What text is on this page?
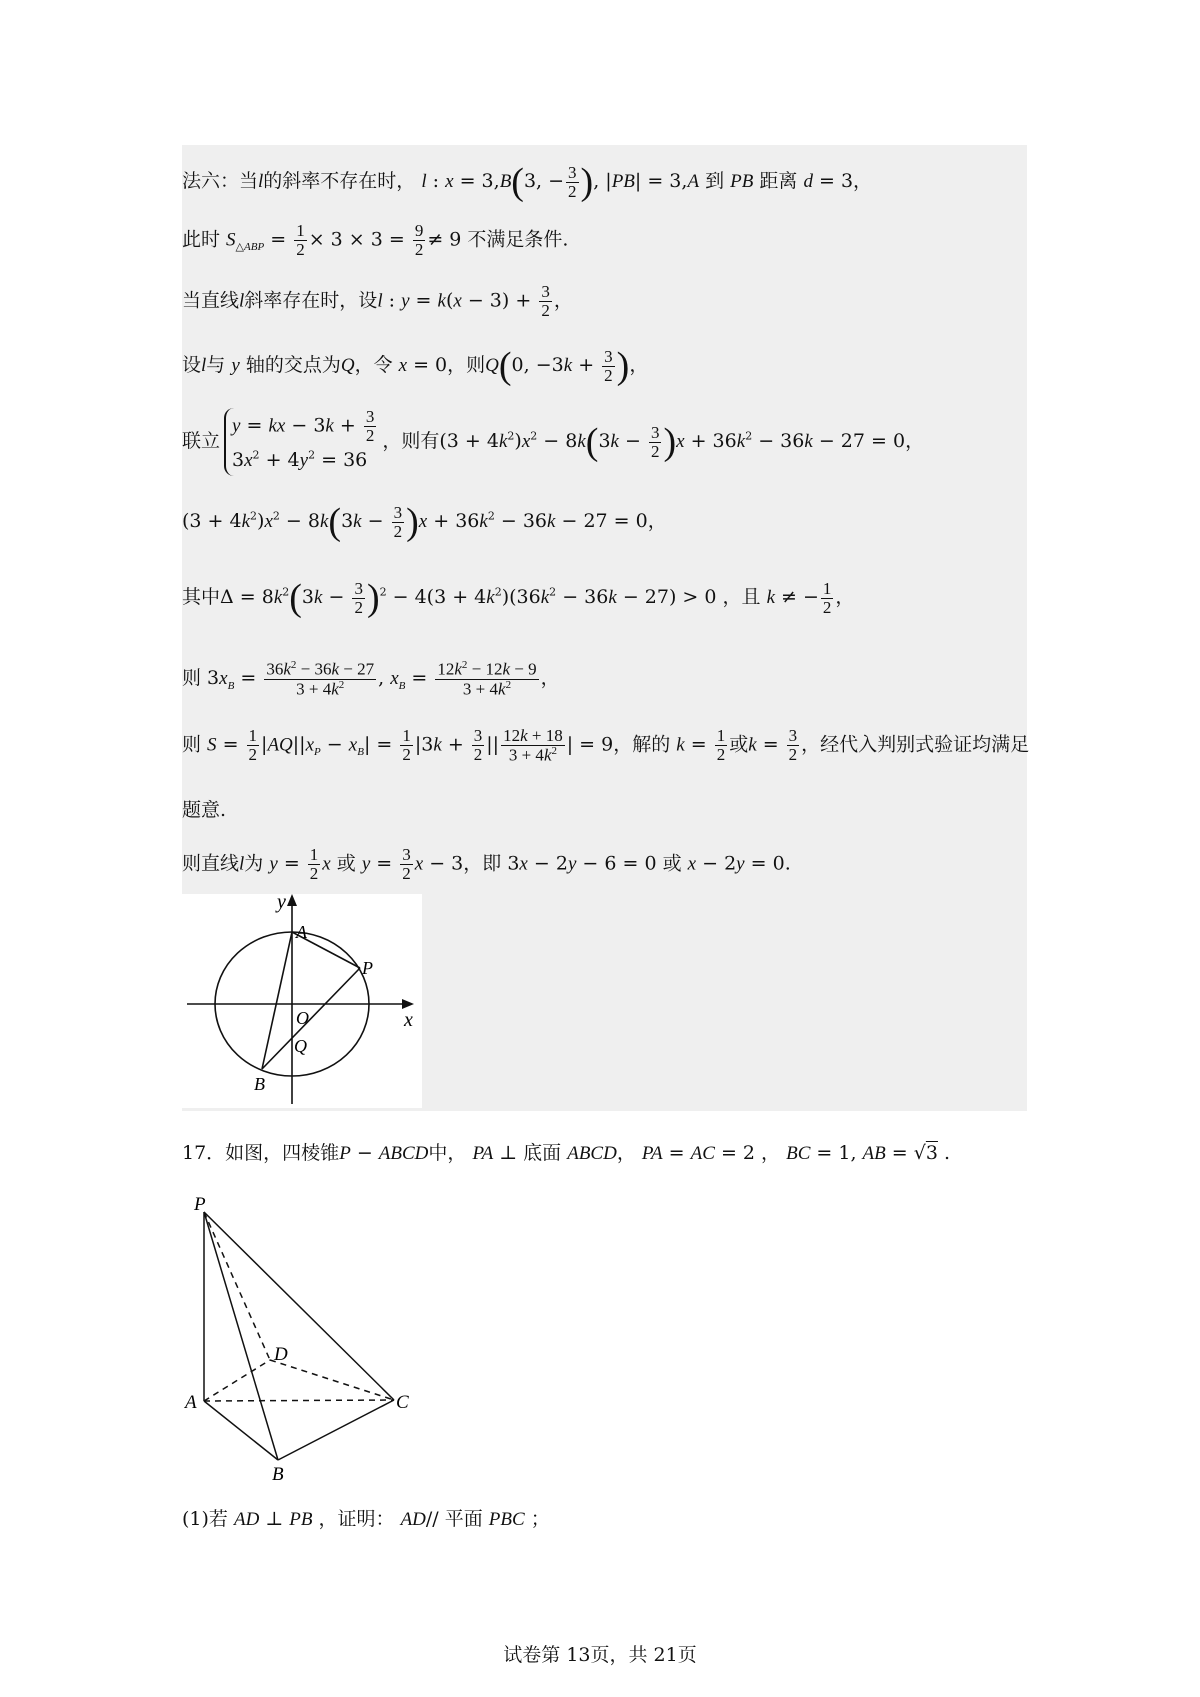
法六：当l的斜率不存在时， l : x = 3,B(3, − $\frac{3}{2}$ ), |PB| = 3,A 到 PB 距离 d = 3，
此时 $S_{\triangle ABP} = \frac{1}{2} \times 3 \times 3 = \frac{9}{2} \ne 9$ 不满足条件.
当直线l斜率存在时，设l : $y = k(x - 3) + \frac{3}{2}$ ，
设l与 y 轴的交点为Q，令 x = 0，则Q(0, $-3k + \frac{3}{2}$ )，
联立
y = kx − $3k + \frac{3}{2}$
$3x^2 + 4y^2 = 36$
，则有$(3 + 4k^2)x^2 - 8k(3k - \frac{3}{2} )x + 36k^2 - 36k - 27 = 0$，
$(3 + 4k^2)x^2 - 8k(3k - \frac{3}{2} )x + 36k^2 - 36k - 27 = 0$，
其中$\Delta = 8k^2(3k - \frac{3}{2} )^2 - 4(3 + 4k^2)(36k^2 - 36k - 27) > 0$ ，且 k ≠ − $\frac{1}{2}$ ，
则 $3x_B = \frac{36k^2 - 36k - 27}{3 + 4k^2}$ , $x_B = \frac{12k^2 - 12k - 9}{3 + 4k^2}$ ，
则 $S = \frac{1}{2} |AQ||x_P - x_B| = \frac{1}{2} |3k + \frac{3}{2}$ || $\frac{12k + 18}{3 + 4k^2}$ | = 9，解的 $k = \frac{1}{2}$ 或$k = \frac{3}{2}$ ，经代入判别式验证均满足
题意.
则直线l为 $y = \frac{1}{2}$ x 或 $y = \frac{3}{2}$ x − 3，即 3x − 2y − 6 = 0 或 x − 2y = 0.
y
x
A
P
O
Q
B
17．如图，四棱锥P − ABCD中， PA ⊥ 底面 ABCD， PA = AC = 2 ， BC = 1, AB = √3 .
P
D
A	C
B
(1)若 AD ⊥ PB ，证明： AD// 平面 PBC ；
试卷第 13页，共 21页
